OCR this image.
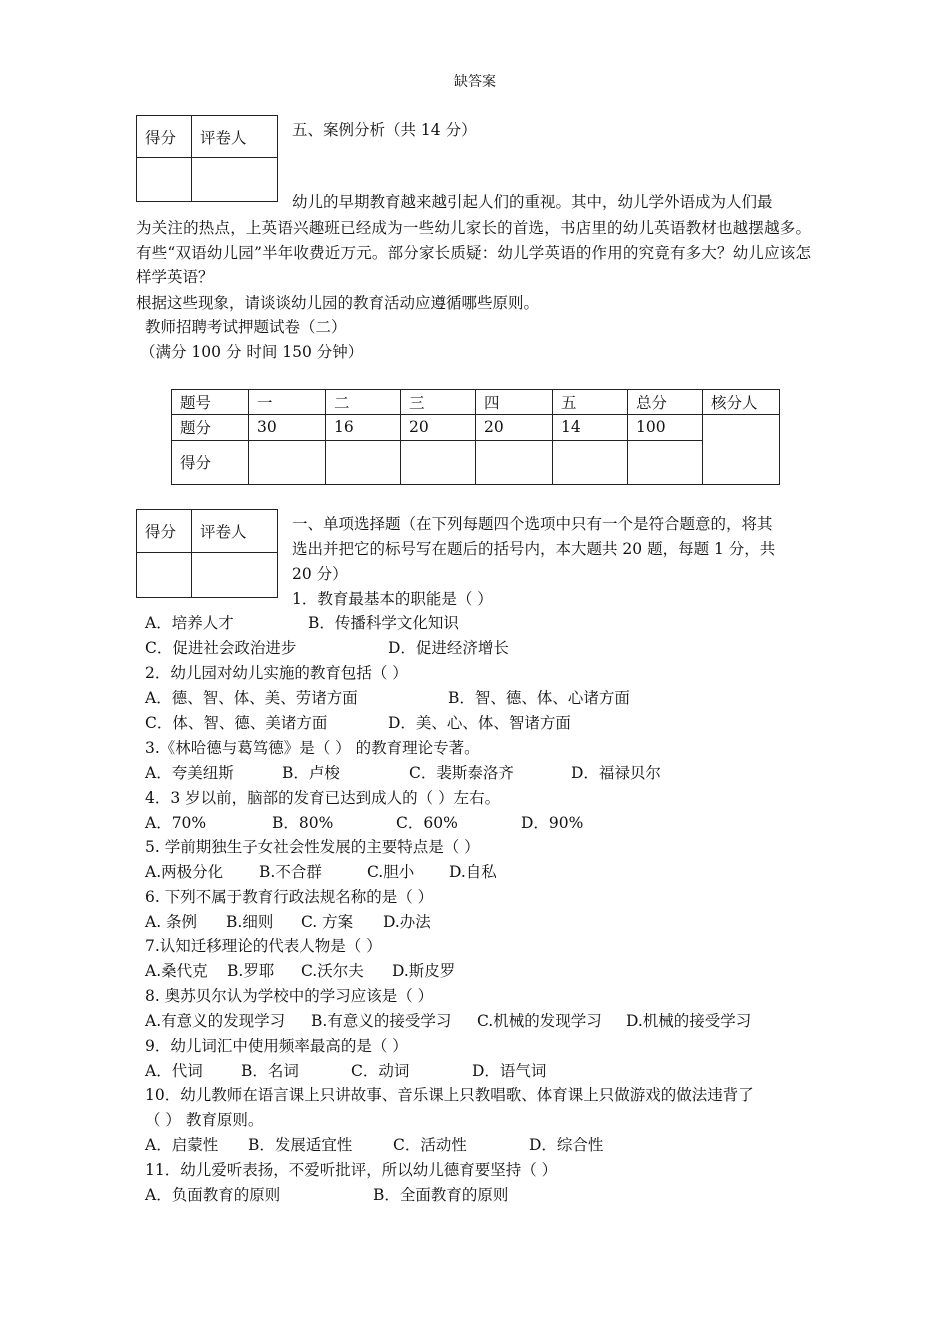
缺答案
得分	评卷人
		五、案例分析（共 14 分）
幼儿的早期教育越来越引起人们的重视。其中，幼儿学外语成为人们最
为关注的热点，上英语兴趣班已经成为一些幼儿家长的首选，书店里的幼儿英语教材也越摆越多。有些“双语幼儿园”半年收费近万元。部分家长质疑：幼儿学英语的作用的究竟有多大？幼儿应该怎样学英语？
根据这些现象，请谈谈幼儿园的教育活动应遵循哪些原则。
教师招聘考试押题试卷（二）
（满分 100 分 时间 150 分钟）
题号	一	二	三	四	五	总分	核分人
题分	30	16	20	20	14	100	
得分							
得分	评卷人
		一、单项选择题（在下列每题四个选项中只有一个是符合题意的，将其
选出并把它的标号写在题后的括号内，本大题共 20 题，每题 1 分，共
20 分）
1．教育最基本的职能是（ ）
A．培养人才	B．传播科学文化知识
C．促进社会政治进步	D．促进经济增长
2．幼儿园对幼儿实施的教育包括（ ）
A．德、智、体、美、劳诸方面	B．智、德、体、心诸方面
C．体、智、德、美诸方面	D．美、心、体、智诸方面
3.《林哈德与葛笃德》是（ ） 的教育理论专著。
A．夸美纽斯	B．卢梭	C．裴斯泰洛齐	D．福禄贝尔
4．3 岁以前，脑部的发育已达到成人的（ ）左右。
A．70%	B．80%	C．60%	D．90%
5. 学前期独生子女社会性发展的主要特点是（ ）
A.两极分化 B.不合群	C.胆小 D.自私
6. 下列不属于教育行政法规名称的是（ ）
A. 条例 B.细则 C. 方案 D.办法
7.认知迁移理论的代表人物是（ ）
A.桑代克 B.罗耶 C.沃尔夫 D.斯皮罗
8. 奥苏贝尔认为学校中的学习应该是（ ）
A.有意义的发现学习 B.有意义的接受学习 C.机械的发现学习 D.机械的接受学习
9．幼儿词汇中使用频率最高的是（ ）
A．代词 B．名词	C．动词	D．语气词
10．幼儿教师在语言课上只讲故事、音乐课上只教唱歌、体育课上只做游戏的做法违背了
（ ） 教育原则。
A．启蒙性 B．发展适宜性	C．活动性	D．综合性
11．幼儿爱听表扬，不爱听批评，所以幼儿德育要坚持（ ）
A．负面教育的原则	B．全面教育的原则
